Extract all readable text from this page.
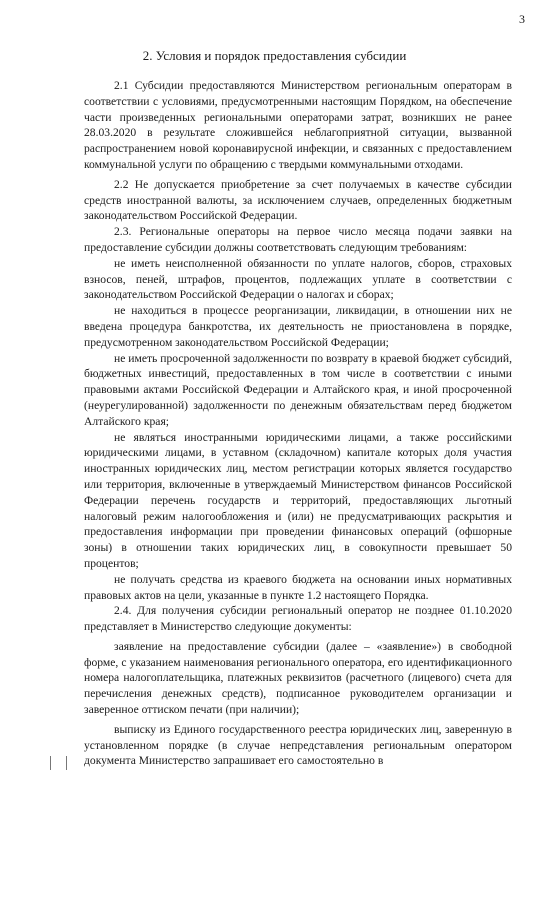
3
2. Условия и порядок предоставления субсидии

2.1 Субсидии предоставляются Министерством региональным операторам в соответствии с условиями, предусмотренными настоящим Порядком, на обеспечение части произведенных региональными операторами затрат, возникших не ранее 28.03.2020 в результате сложившейся неблагоприятной ситуации, вызванной распространением новой коронавирусной инфекции, и связанных с предоставлением коммунальной услуги по обращению с твердыми коммунальными отходами.

2.2 Не допускается приобретение за счет получаемых в качестве субсидии средств иностранной валюты, за исключением случаев, определенных бюджетным законодательством Российской Федерации.

2.3. Региональные операторы на первое число месяца подачи заявки на предоставление субсидии должны соответствовать следующим требованиям:

не иметь неисполненной обязанности по уплате налогов, сборов, страховых взносов, пеней, штрафов, процентов, подлежащих уплате в соответствии с законодательством Российской Федерации о налогах и сборах;

не находиться в процессе реорганизации, ликвидации, в отношении них не введена процедура банкротства, их деятельность не приостановлена в порядке, предусмотренном законодательством Российской Федерации;

не иметь просроченной задолженности по возврату в краевой бюджет субсидий, бюджетных инвестиций, предоставленных в том числе в соответствии с иными правовыми актами Российской Федерации и Алтайского края, и иной просроченной (неурегулированной) задолженности по денежным обязательствам перед бюджетом Алтайского края;

не являться иностранными юридическими лицами, а также российскими юридическими лицами, в уставном (складочном) капитале которых доля участия иностранных юридических лиц, местом регистрации которых является государство или территория, включенные в утверждаемый Министерством финансов Российской Федерации перечень государств и территорий, предоставляющих льготный налоговый режим налогообложения и (или) не предусматривающих раскрытия и предоставления информации при проведении финансовых операций (офшорные зоны) в отношении таких юридических лиц, в совокупности превышает 50 процентов;

не получать средства из краевого бюджета на основании иных нормативных правовых актов на цели, указанные в пункте 1.2 настоящего Порядка.

2.4. Для получения субсидии региональный оператор не позднее 01.10.2020 представляет в Министерство следующие документы:

заявление на предоставление субсидии (далее – «заявление») в свободной форме, с указанием наименования регионального оператора, его идентификационного номера налогоплательщика, платежных реквизитов (расчетного (лицевого) счета для перечисления денежных средств), подписанное руководителем организации и заверенное оттиском печати (при наличии);

выписку из Единого государственного реестра юридических лиц, заверенную в установленном порядке (в случае непредставления региональным оператором документа Министерство запрашивает его самостоятельно в
